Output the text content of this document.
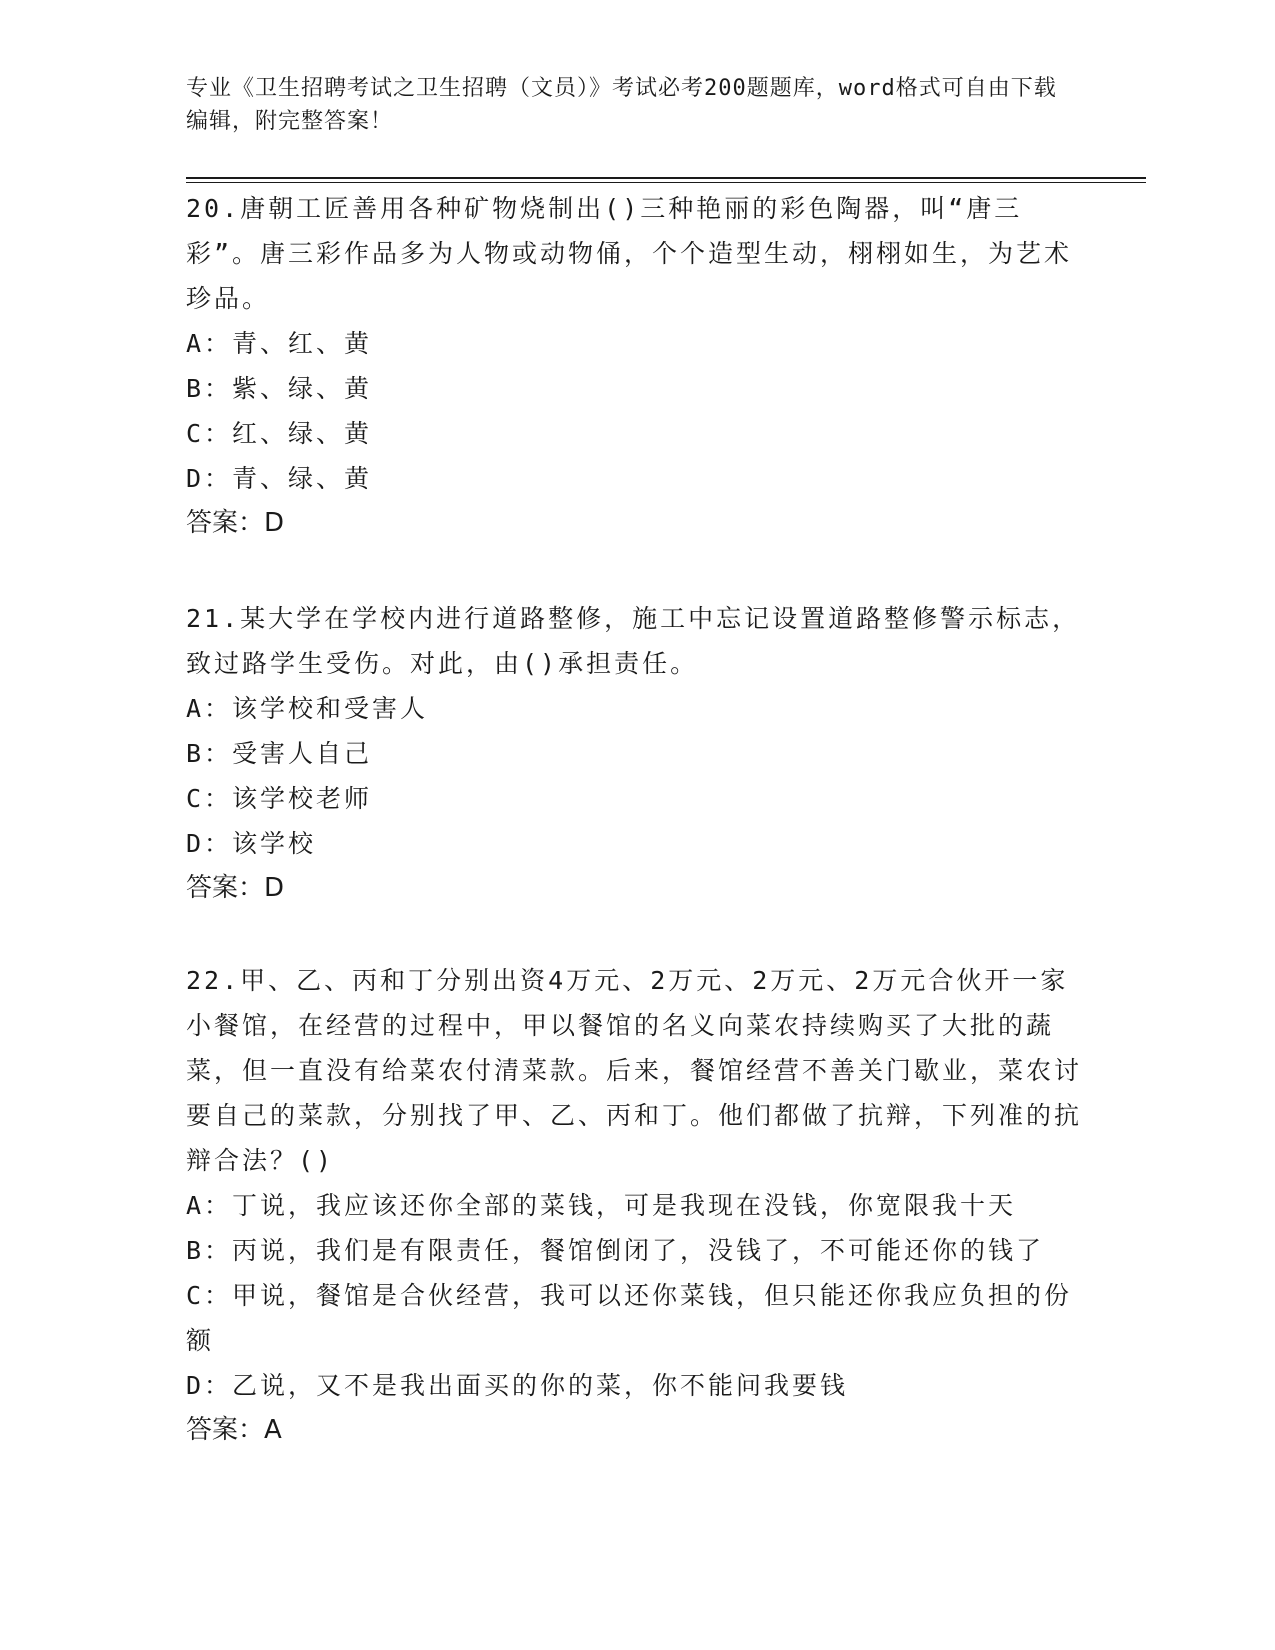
专业《卫生招聘考试之卫生招聘（文员）》考试必考200题题库，word格式可自由下载编辑，附完整答案！

20.唐朝工匠善用各种矿物烧制出()三种艳丽的彩色陶器，叫“唐三彩”。唐三彩作品多为人物或动物俑，个个造型生动，栩栩如生，为艺术珍品。

A：青、红、黄

B：紫、绿、黄

C：红、绿、黄

D：青、绿、黄

答案：D

21.某大学在学校内进行道路整修，施工中忘记设置道路整修警示标志，致过路学生受伤。对此，由()承担责任。

A：该学校和受害人

B：受害人自己

C：该学校老师

D：该学校

答案：D

22.甲、乙、丙和丁分别出资4万元、2万元、2万元、2万元合伙开一家小餐馆，在经营的过程中，甲以餐馆的名义向菜农持续购买了大批的蔬菜，但一直没有给菜农付清菜款。后来，餐馆经营不善关门歇业，菜农讨要自己的菜款，分别找了甲、乙、丙和丁。他们都做了抗辩，下列准的抗辩合法？()

A：丁说，我应该还你全部的菜钱，可是我现在没钱，你宽限我十天

B：丙说，我们是有限责任，餐馆倒闭了，没钱了，不可能还你的钱了

C：甲说，餐馆是合伙经营，我可以还你菜钱，但只能还你我应负担的份额

D：乙说，又不是我出面买的你的菜，你不能问我要钱

答案：A
